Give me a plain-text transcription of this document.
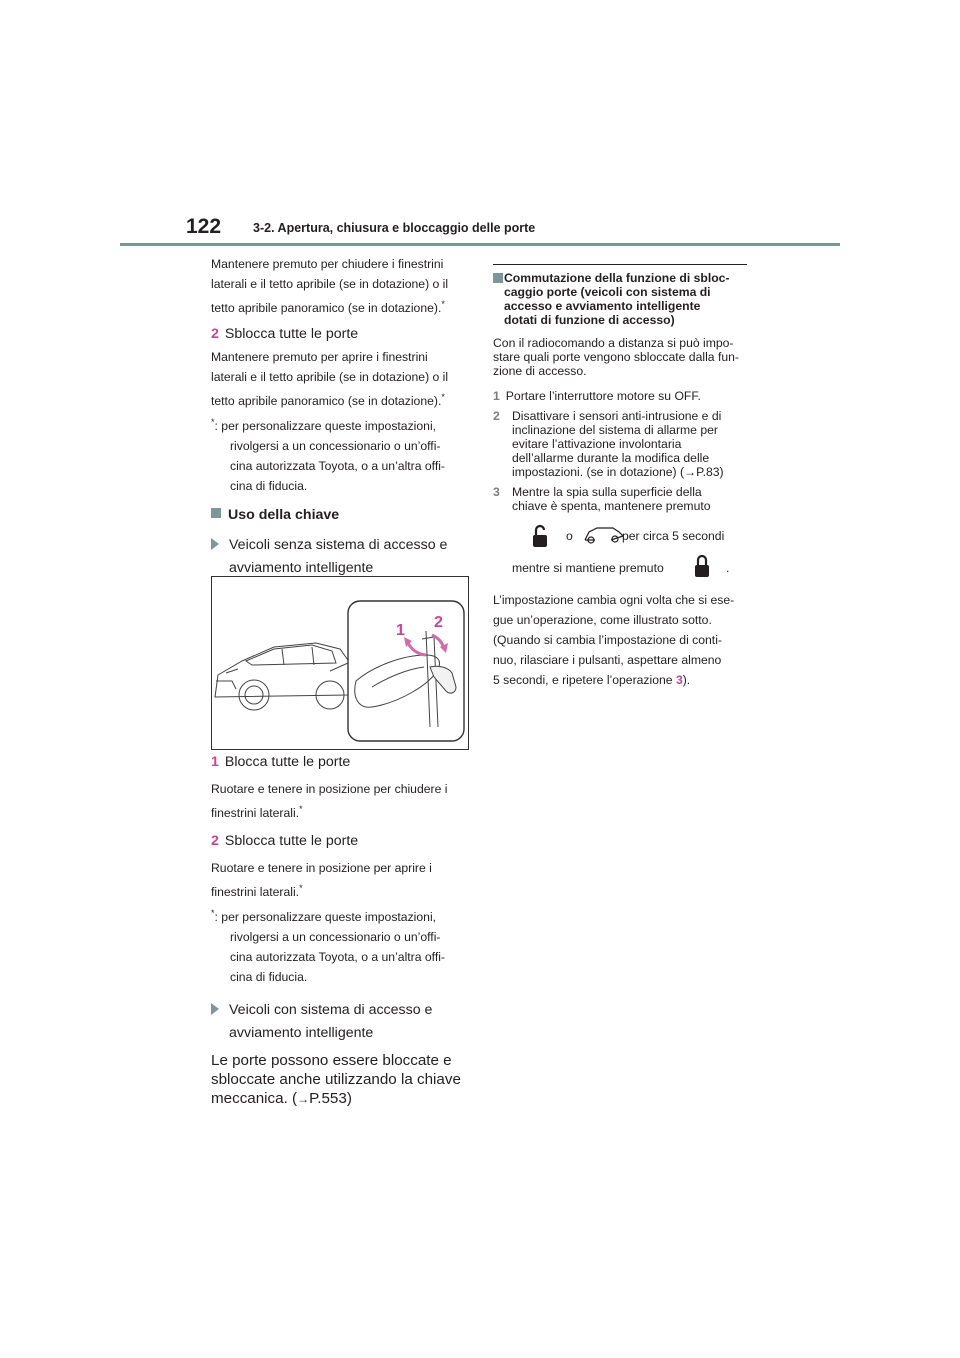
122	3-2. Apertura, chiusura e bloccaggio delle porte

Mantenere premuto per chiudere i finestrini
laterali e il tetto apribile (se in dotazione) o il
tetto apribile panoramico (se in dotazione).*

2 Sblocca tutte le porte

Mantenere premuto per aprire i finestrini
laterali e il tetto apribile (se in dotazione) o il
tetto apribile panoramico (se in dotazione).*

*: per personalizzare queste impostazioni,

rivolgersi a un concessionario o un’offi-
cina autorizzata Toyota, o a un’altra offi-
cina di fiducia.

Uso della chiave

Veicoli senza sistema di accesso e
avviamento intelligente

1 2

1 Blocca tutte le porte

Ruotare e tenere in posizione per chiudere i
finestrini laterali.*

2 Sblocca tutte le porte

Ruotare e tenere in posizione per aprire i
finestrini laterali.*

*: per personalizzare queste impostazioni,

rivolgersi a un concessionario o un’offi-
cina autorizzata Toyota, o a un’altra offi-
cina di fiducia.

Veicoli con sistema di accesso e
avviamento intelligente

Le porte possono essere bloccate e
sbloccate anche utilizzando la chiave
meccanica. (→P.553)

Commutazione della funzione di sbloc-
caggio porte (veicoli con sistema di
accesso e avviamento intelligente
dotati di funzione di accesso)

Con il radiocomando a distanza si può impo-
stare quali porte vengono sbloccate dalla fun-
zione di accesso.

1 Portare l’interruttore motore su OFF.

2 Disattivare i sensori anti-intrusione e di
inclinazione del sistema di allarme per
evitare l’attivazione involontaria
dell’allarme durante la modifica delle
impostazioni. (se in dotazione) (→P.83)

3 Mentre la spia sulla superficie della
chiave è spenta, mantenere premuto

o	per circa 5 secondi
mentre si mantiene premuto	.

L’impostazione cambia ogni volta che si ese-
gue un’operazione, come illustrato sotto.
(Quando si cambia l’impostazione di conti-
nuo, rilasciare i pulsanti, aspettare almeno
5 secondi, e ripetere l’operazione 3).
